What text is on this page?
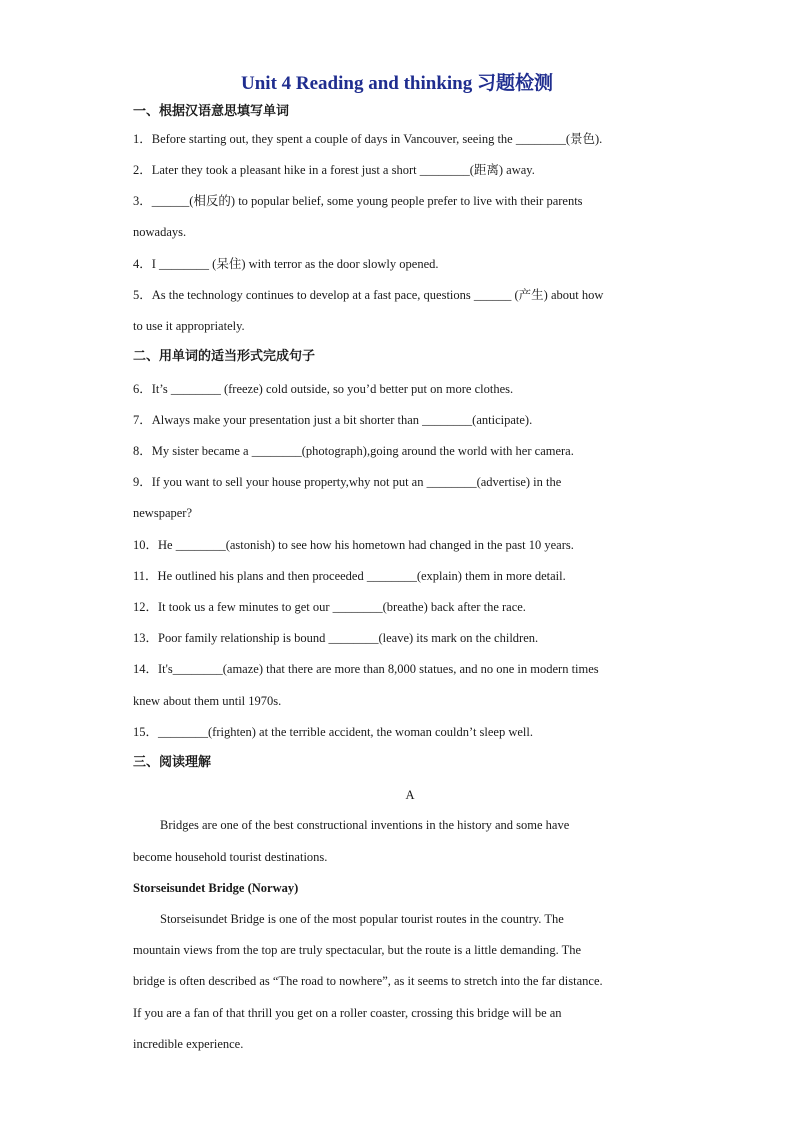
Unit 4 Reading and thinking 习题检测
一、根据汉语意思填写单词
1．Before starting out, they spent a couple of days in Vancouver, seeing the ________(景色).
2．Later they took a pleasant hike in a forest just a short ________(距离) away.
3．______(相反的) to popular belief, some young people prefer to live with their parents
nowadays.
4．I ________ (呆住) with terror as the door slowly opened.
5．As the technology continues to develop at a fast pace, questions ______ (产生) about how
to use it appropriately.
二、用单词的适当形式完成句子
6．It’s ________ (freeze) cold outside, so you’d better put on more clothes.
7．Always make your presentation just a bit shorter than ________(anticipate).
8．My sister became a ________(photograph),going around the world with her camera.
9．If you want to sell your house property,why not put an ________(advertise) in the
newspaper?
10．He ________(astonish) to see how his hometown had changed in the past 10 years.
11．He outlined his plans and then proceeded ________(explain) them in more detail.
12．It took us a few minutes to get our ________(breathe) back after the race.
13．Poor family relationship is bound ________(leave) its mark on the children.
14．It's________(amaze) that there are more than 8,000 statues, and no one in modern times
knew about them until 1970s.
15．________(frighten) at the terrible accident, the woman couldn’t sleep well.
三、阅读理解
A
Bridges are one of the best constructional inventions in the history and some have
become household tourist destinations.
Storseisundet Bridge (Norway)
Storseisundet Bridge is one of the most popular tourist routes in the country. The
mountain views from the top are truly spectacular, but the route is a little demanding. The
bridge is often described as “The road to nowhere”, as it seems to stretch into the far distance.
If you are a fan of that thrill you get on a roller coaster, crossing this bridge will be an
incredible experience.
